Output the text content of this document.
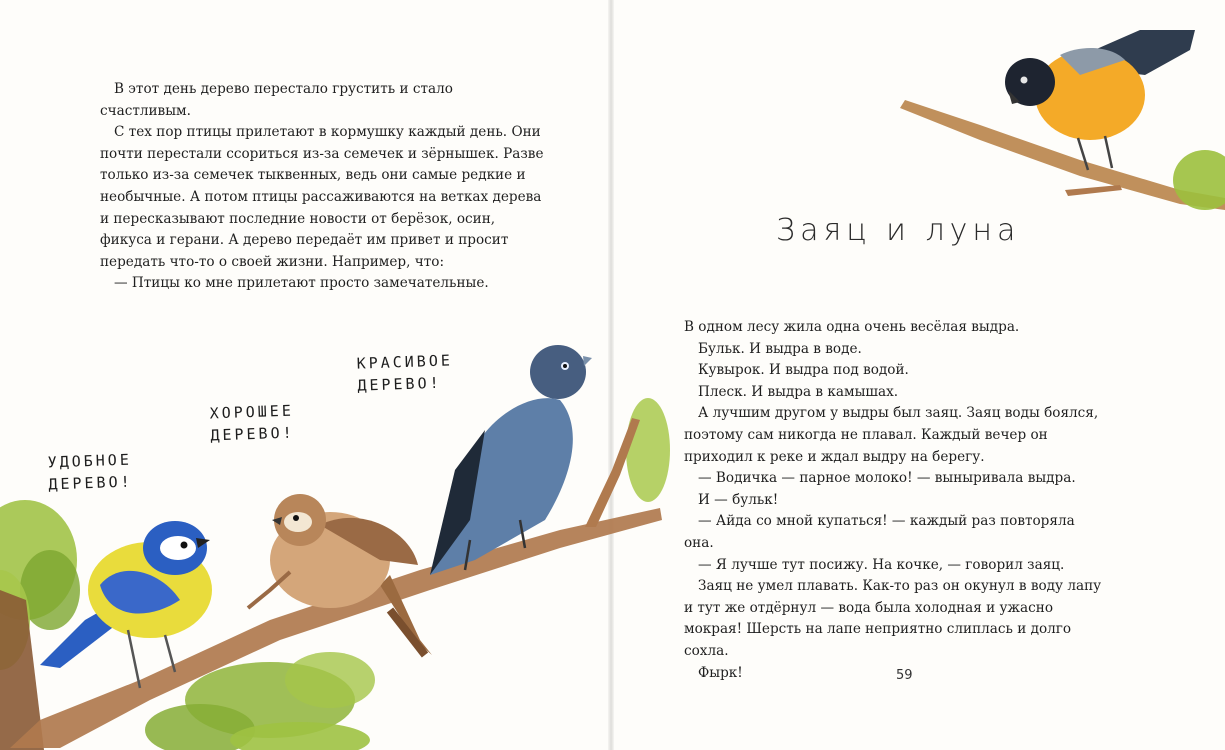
УДОБНОЕ
ДЕРЕВО!
ХОРОШЕЕ
ДЕРЕВО!
КРАСИВОЕ
ДЕРЕВО!

В этот день дерево перестало грустить и стало счастливым.

С тех пор птицы прилетают в кормушку каждый день. Они почти перестали ссориться из-за семечек и зёрнышек. Разве только из-за семечек тыквенных, ведь они самые редкие и необычные. А потом птицы рассаживаются на ветках дерева и пересказывают последние новости от берёзок, осин, фикуса и герани. А дерево передаёт им привет и просит передать что-то о своей жизни. Например, что:

— Птицы ко мне прилетают просто замечательные.

Заяц и луна

В одном лесу жила одна очень весёлая выдра.

Бульк. И выдра в воде.

Кувырок. И выдра под водой.

Плеск. И выдра в камышах.

А лучшим другом у выдры был заяц. Заяц воды боялся, поэтому сам никогда не плавал. Каждый вечер он приходил к реке и ждал выдру на берегу.

— Водичка — парное молоко! — выныривала выдра.

И — бульк!

— Айда со мной купаться! — каждый раз повторяла она.

— Я лучше тут посижу. На кочке, — говорил заяц.

Заяц не умел плавать. Как-то раз он окунул в воду лапу и тут же отдёрнул — вода была холодная и ужасно мокрая! Шерсть на лапе неприятно слиплась и долго сохла.

Фырк!	59
